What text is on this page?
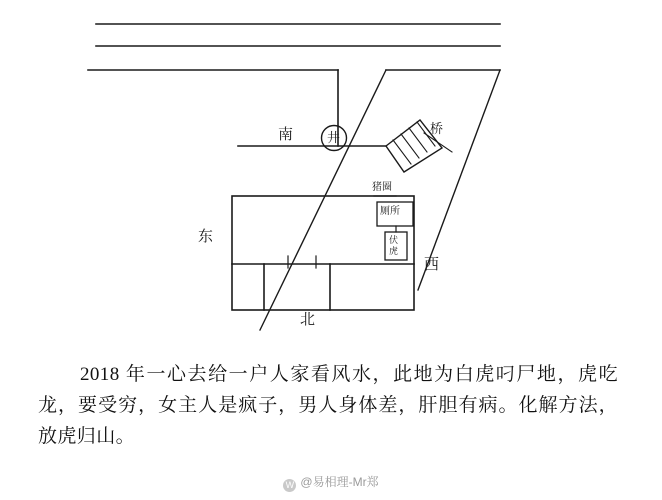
南	井
桥
猪圈
厕所
伏
虎
东
西
北
2018 年一心去给一户人家看风水，此地为白虎叼尸地，虎吃龙，要受穷，女主人是疯子，男人身体差，肝胆有病。化解方法，放虎归山。
W @易相理-Mr郑
